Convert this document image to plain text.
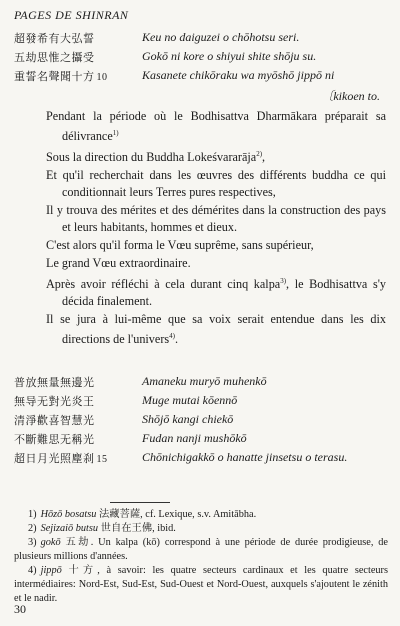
PAGES DE SHINRAN
超發希有大弘誓	Keu no daiguzei o chōhotsu seri.
五劫思惟之攝受	Gokō ni kore o shiyui shite shōju su.
重誓名聲聞十方 10	Kasanete chikōraku wa myōshō jippō ni
〔kikoen to.

Pendant la période où le Bodhisattva Dharmākara préparait sa délivrance$^{1)}$

Sous la direction du Buddha Lokeśvararāja$^{2)}$,

Et qu'il recherchait dans les œuvres des différents buddha ce qui conditionnait leurs Terres pures respectives,

Il y trouva des mérites et des démérites dans la construction des pays et leurs habitants, hommes et dieux.

C'est alors qu'il forma le Vœu suprême, sans supérieur,

Le grand Vœu extraordinaire.

Après avoir réfléchi à cela durant cinq kalpa$^{3)}$, le Bodhisattva s'y décida finalement.

Il se jura à lui-même que sa voix serait entendue dans les dix directions de l'univers$^{4)}$.

普放無量無邊光	Amaneku muryō muhenkō
無导无對光炎王	Muge mutai kōennō
清淨歡喜智慧光	Shōjō kangi chiekō
不斷難思无稱光	Fudan nanji mushōkō
超日月光照塵刹 15	Chōnichigakkō o hanatte jinsetsu o terasu.

1) Hōzō bosatsu 法藏菩薩, cf. Lexique, s.v. Amitābha.

2) Sejizaiō butsu 世自在王佛, ibid.

3) gokō 五劫. Un kalpa (kō) correspond à une période de durée prodigieuse, de plusieurs millions d'années.

4) jippō 十方, à savoir: les quatre secteurs cardinaux et les quatre secteurs intermédiaires: Nord-Est, Sud-Est, Sud-Ouest et Nord-Ouest, auxquels s'ajoutent le zénith et le nadir.

30
